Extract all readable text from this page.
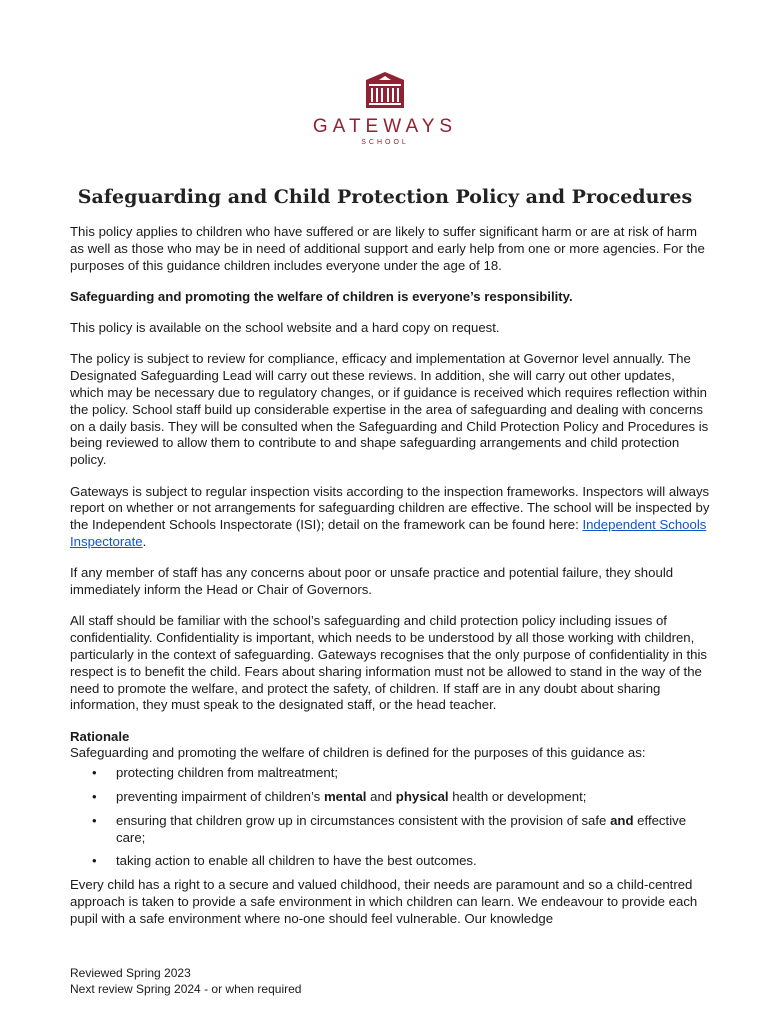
GATEWAYS
SCHOOL
Safeguarding and Child Protection Policy and Procedures

This policy applies to children who have suffered or are likely to suffer significant harm or are at risk of harm as well as those who may be in need of additional support and early help from one or more agencies. For the purposes of this guidance children includes everyone under the age of 18.

Safeguarding and promoting the welfare of children is everyone’s responsibility.

This policy is available on the school website and a hard copy on request.

The policy is subject to review for compliance, efficacy and implementation at Governor level annually. The Designated Safeguarding Lead will carry out these reviews. In addition, she will carry out other updates, which may be necessary due to regulatory changes, or if guidance is received which requires reflection within the policy. School staff build up considerable expertise in the area of safeguarding and dealing with concerns on a daily basis. They will be consulted when the Safeguarding and Child Protection Policy and Procedures is being reviewed to allow them to contribute to and shape safeguarding arrangements and child protection policy.

Gateways is subject to regular inspection visits according to the inspection frameworks. Inspectors will always report on whether or not arrangements for safeguarding children are effective. The school will be inspected by the Independent Schools Inspectorate (ISI); detail on the framework can be found here: Independent Schools Inspectorate.

If any member of staff has any concerns about poor or unsafe practice and potential failure, they should immediately inform the Head or Chair of Governors.

All staff should be familiar with the school’s safeguarding and child protection policy including issues of confidentiality. Confidentiality is important, which needs to be understood by all those working with children, particularly in the context of safeguarding. Gateways recognises that the only purpose of confidentiality in this respect is to benefit the child. Fears about sharing information must not be allowed to stand in the way of the need to promote the welfare, and protect the safety, of children. If staff are in any doubt about sharing information, they must speak to the designated staff, or the head teacher.

Rationale
Safeguarding and promoting the welfare of children is defined for the purposes of this guidance as:
• protecting children from maltreatment;
• preventing impairment of children’s mental and physical health or development;
• ensuring that children grow up in circumstances consistent with the provision of safe and effective care;
• taking action to enable all children to have the best outcomes.

Every child has a right to a secure and valued childhood, their needs are paramount and so a child-centred approach is taken to provide a safe environment in which children can learn. We endeavour to provide each pupil with a safe environment where no-one should feel vulnerable. Our knowledge

Reviewed Spring 2023
Next review Spring 2024 - or when required
